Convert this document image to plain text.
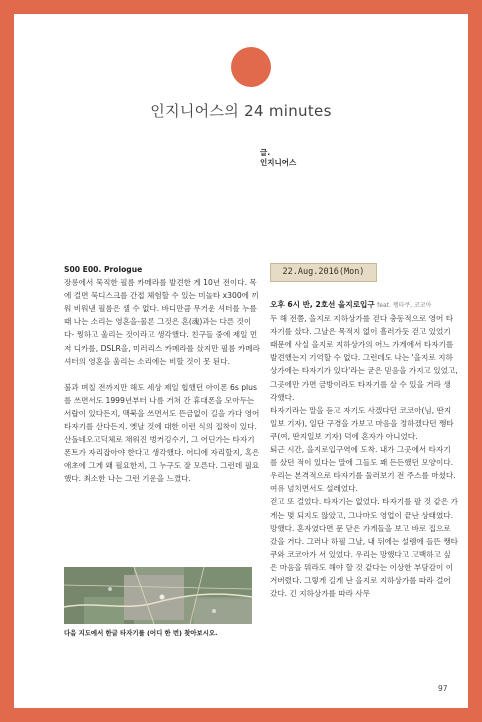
인지니어스의 24 minutes
글.
인지니어스

S00 E00. Prologue

장롱에서 묵직한 필름 카메라를 발견한 게 10년 전이다. 목에 걸면 묵디스크를 간접 체험할 수 있는 미놀타 x300에 끼워 비워낸 필름은 셀 수 없다. 바디만큼 무거운 셔터를 누를 때 나는 소리는 영혼을-물론 그것은 혼(魂)과는 다른 것이다- 찡하고 울리는 것이라고 생각했다. 친구들 중에 제일 먼저 디카를, DSLR을, 미러리스 카메라를 샀지만 필름 카메라 셔터의 영혼을 울리는 소리에는 비할 것이 못 된다.

불과 며칠 전까지만 해도 세상 제일 힙했던 아이폰 6s plus를 쓰면서도 1999년부터 나름 거쳐 간 휴대폰을 모아두는 서랍이 있다든지, 맥북을 쓰면서도 뜬금없이 길을 가다 영어 타자기를 산다든지. 옛날 것에 대한 이런 식의 집착이 있다. 산돌네오고딕체로 채워진 벙커깅수기, 그 어딘가는 타자기 폰트가 자리잡아야 한다고 생각했다. 어디에 자리할지, 혹은 애초에 그게 왜 필요한지, 그 누구도 잘 모른다. 그런데 필요했다. 최소한 나는 그런 기운을 느꼈다.

다음 지도에서 한글 타자기를 (어디 한 번) 찾아보시오.
22.Aug.2016(Mon)

오후 6시 반, 2호선 을지로입구 feat. 쨍타쿠, 코코아

두 해 전쯤, 을지로 지하상가를 걷다 충동적으로 영어 타자기를 샀다. 그날은 목적지 없이 흘러가듯 걷고 있었기 때문에 사실 을지로 지하상가의 어느 가게에서 타자기를 발견했는지 기억할 수 없다. 그런데도 나는 '을지로 지하상가에는 타자기가 있다'라는 굳은 믿음을 가지고 있었고, 그곳에만 가면 금방이라도 타자기를 살 수 있을 거라 생각했다.

타자기라는 말을 듣고 자기도 사겠다던 코코아(님, 딴지일보 기자), 일단 구경을 가보고 마음을 정하겠다던 쨍타쿠(여, 딴지일보 기자) 덕에 혼자가 아니었다.

퇴근 시간, 을지로입구역에 도착. 내가 그곳에서 타자기를 샀던 적이 있다는 말에 그들도 꽤 든든했던 모양이다. 우리는 본격적으로 타자기를 둘러보기 전 주스를 마셨다. 여유 넘치면서도 설레었다.

걷고 또 걸었다. 타자기는 없었다. 타자기를 팔 것 같은 가게는 몇 되지도 않았고, 그나마도 영업이 끝난 상태였다. 망했다. 혼자였다면 문 닫은 가게들을 보고 바로 집으로 갔을 거다. 그러나 하필 그날, 내 뒤에는 설렘에 들뜬 쨍타쿠와 코코아가 서 있었다. 우리는 망했다고 고백하고 싶은 마음을 뭐라도 해야 할 것 같다는 이상한 부담감이 이겨버렸다. 그렇게 길게 난 을지로 지하상가를 따라 걸어갔다. 긴 지하상가를 따라 사무

97
